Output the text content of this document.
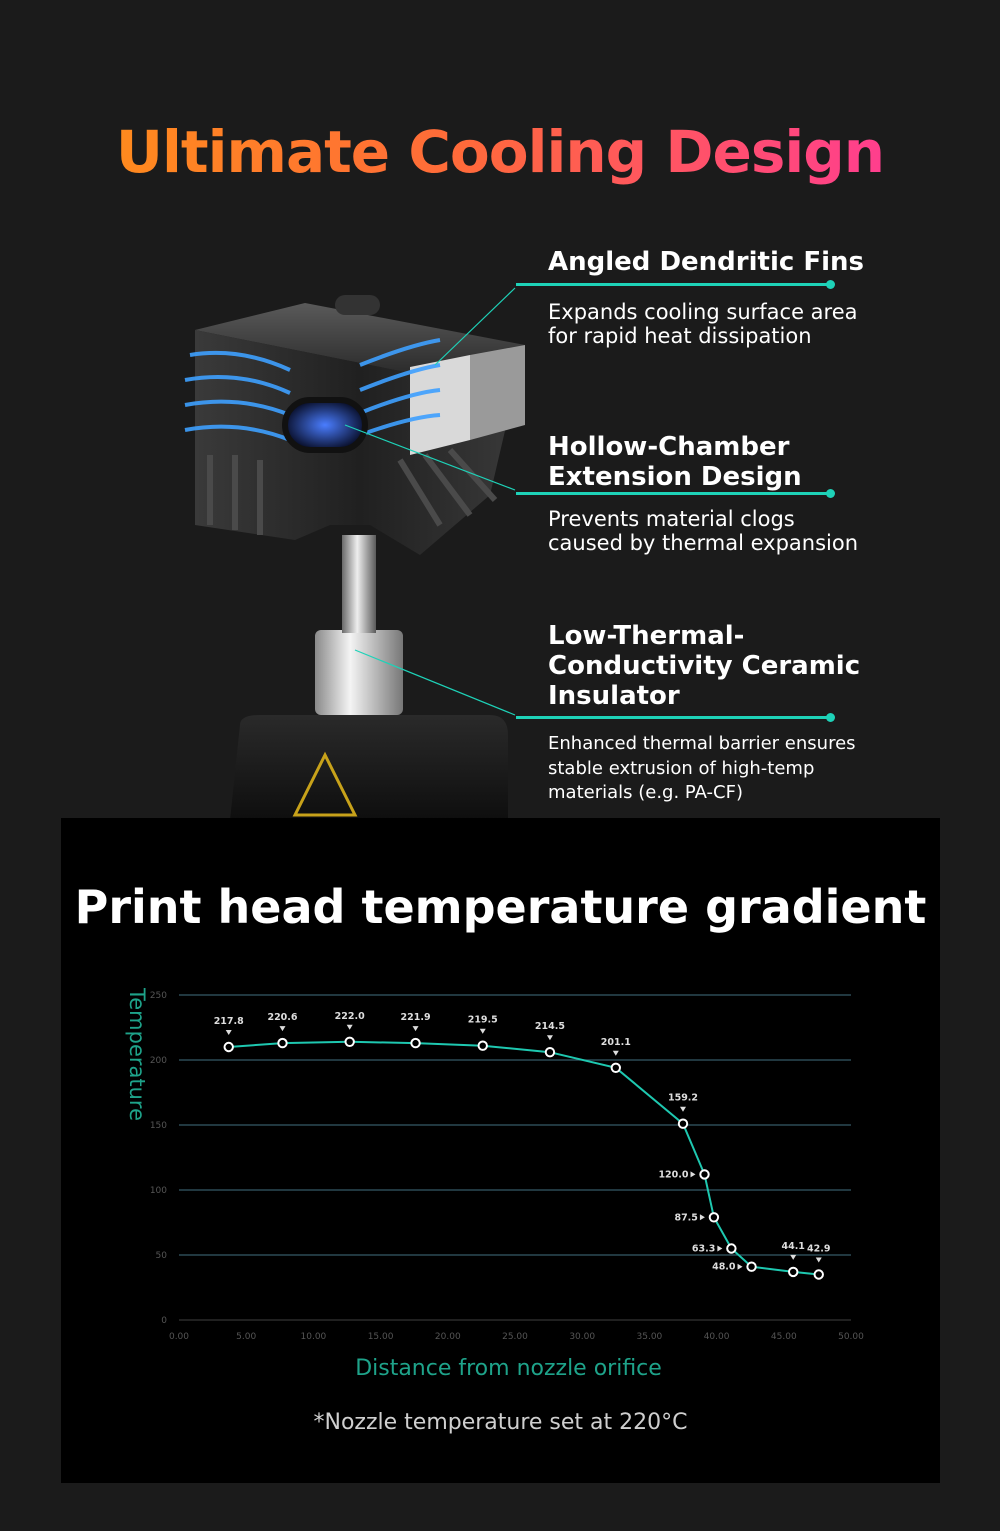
Ultimate Cooling Design
Angled Dendritic Fins
Expands cooling surface area
for rapid heat dissipation
Hollow-Chamber
Extension Design
Prevents material clogs
caused by thermal expansion
Low-Thermal-
Conductivity Ceramic
Insulator
Enhanced thermal barrier ensures
stable extrusion of high-temp
materials (e.g. PA-CF)
Print head temperature gradient
Temperature
0
50
100
150
200
250
0.00	5.00	10.00	15.00	20.00	25.00	30.00	35.00	40.00	45.00	50.00
217.8 220.6	222.0	221.9	219.5
214.5
201.1
159.2
120.0
87.5
63.3
48.0
44.1 42.9
Distance from nozzle orifice
*Nozzle temperature set at 220°C
